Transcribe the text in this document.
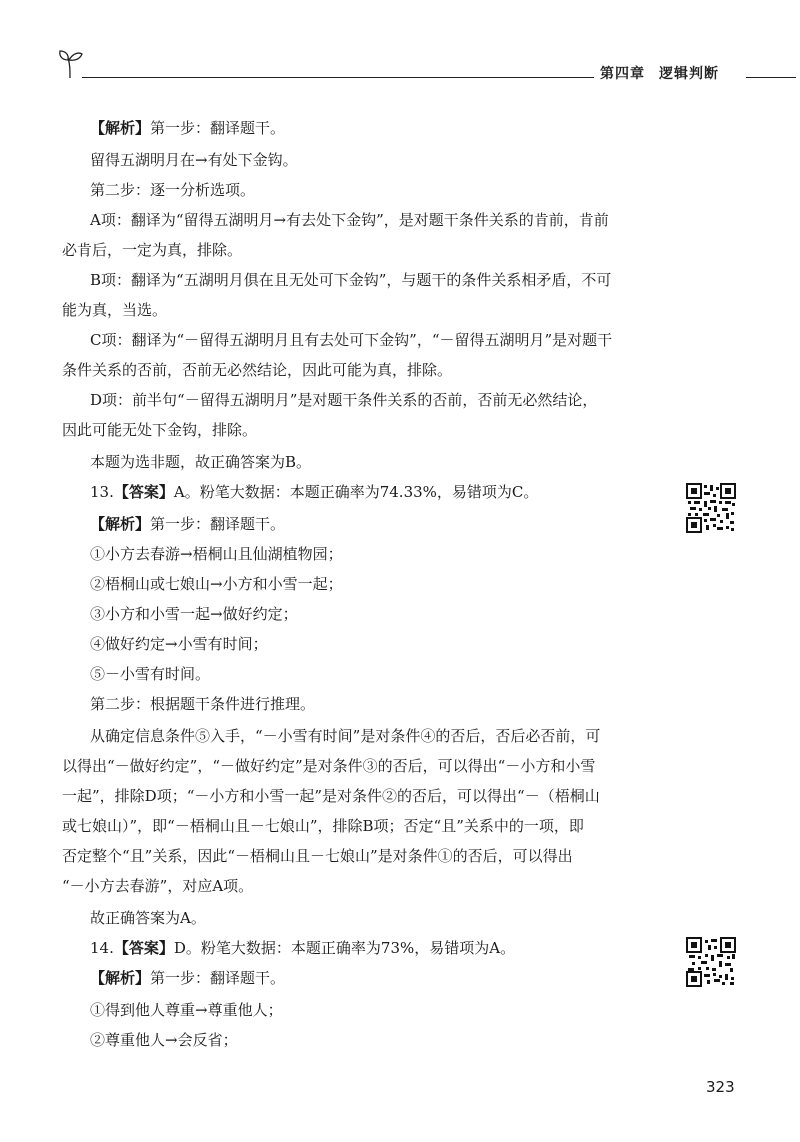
第四章 逻辑判断
【解析】第一步：翻译题干。
留得五湖明月在→有处下金钩。
第二步：逐一分析选项。
A项：翻译为“留得五湖明月→有去处下金钩”，是对题干条件关系的肯前，肯前
必肯后，一定为真，排除。
B项：翻译为“五湖明月俱在且无处可下金钩”，与题干的条件关系相矛盾，不可
能为真，当选。
C项：翻译为“－留得五湖明月且有去处可下金钩”，“－留得五湖明月”是对题干
条件关系的否前，否前无必然结论，因此可能为真，排除。
D项：前半句“－留得五湖明月”是对题干条件关系的否前，否前无必然结论，
因此可能无处下金钩，排除。
本题为选非题，故正确答案为B。
13.【答案】A。粉笔大数据：本题正确率为74.33%，易错项为C。
【解析】第一步：翻译题干。
①小方去春游→梧桐山且仙湖植物园；
②梧桐山或七娘山→小方和小雪一起；
③小方和小雪一起→做好约定；
④做好约定→小雪有时间；
⑤－小雪有时间。
第二步：根据题干条件进行推理。
从确定信息条件⑤入手，“－小雪有时间”是对条件④的否后，否后必否前，可
以得出“－做好约定”，“－做好约定”是对条件③的否后，可以得出“－小方和小雪
一起”，排除D项；“－小方和小雪一起”是对条件②的否后，可以得出“－（梧桐山
或七娘山）”，即“－梧桐山且－七娘山”，排除B项；否定“且”关系中的一项，即
否定整个“且”关系，因此“－梧桐山且－七娘山”是对条件①的否后，可以得出
“－小方去春游”，对应A项。
故正确答案为A。
14.【答案】D。粉笔大数据：本题正确率为73%，易错项为A。
【解析】第一步：翻译题干。
①得到他人尊重→尊重他人；
②尊重他人→会反省；
323
